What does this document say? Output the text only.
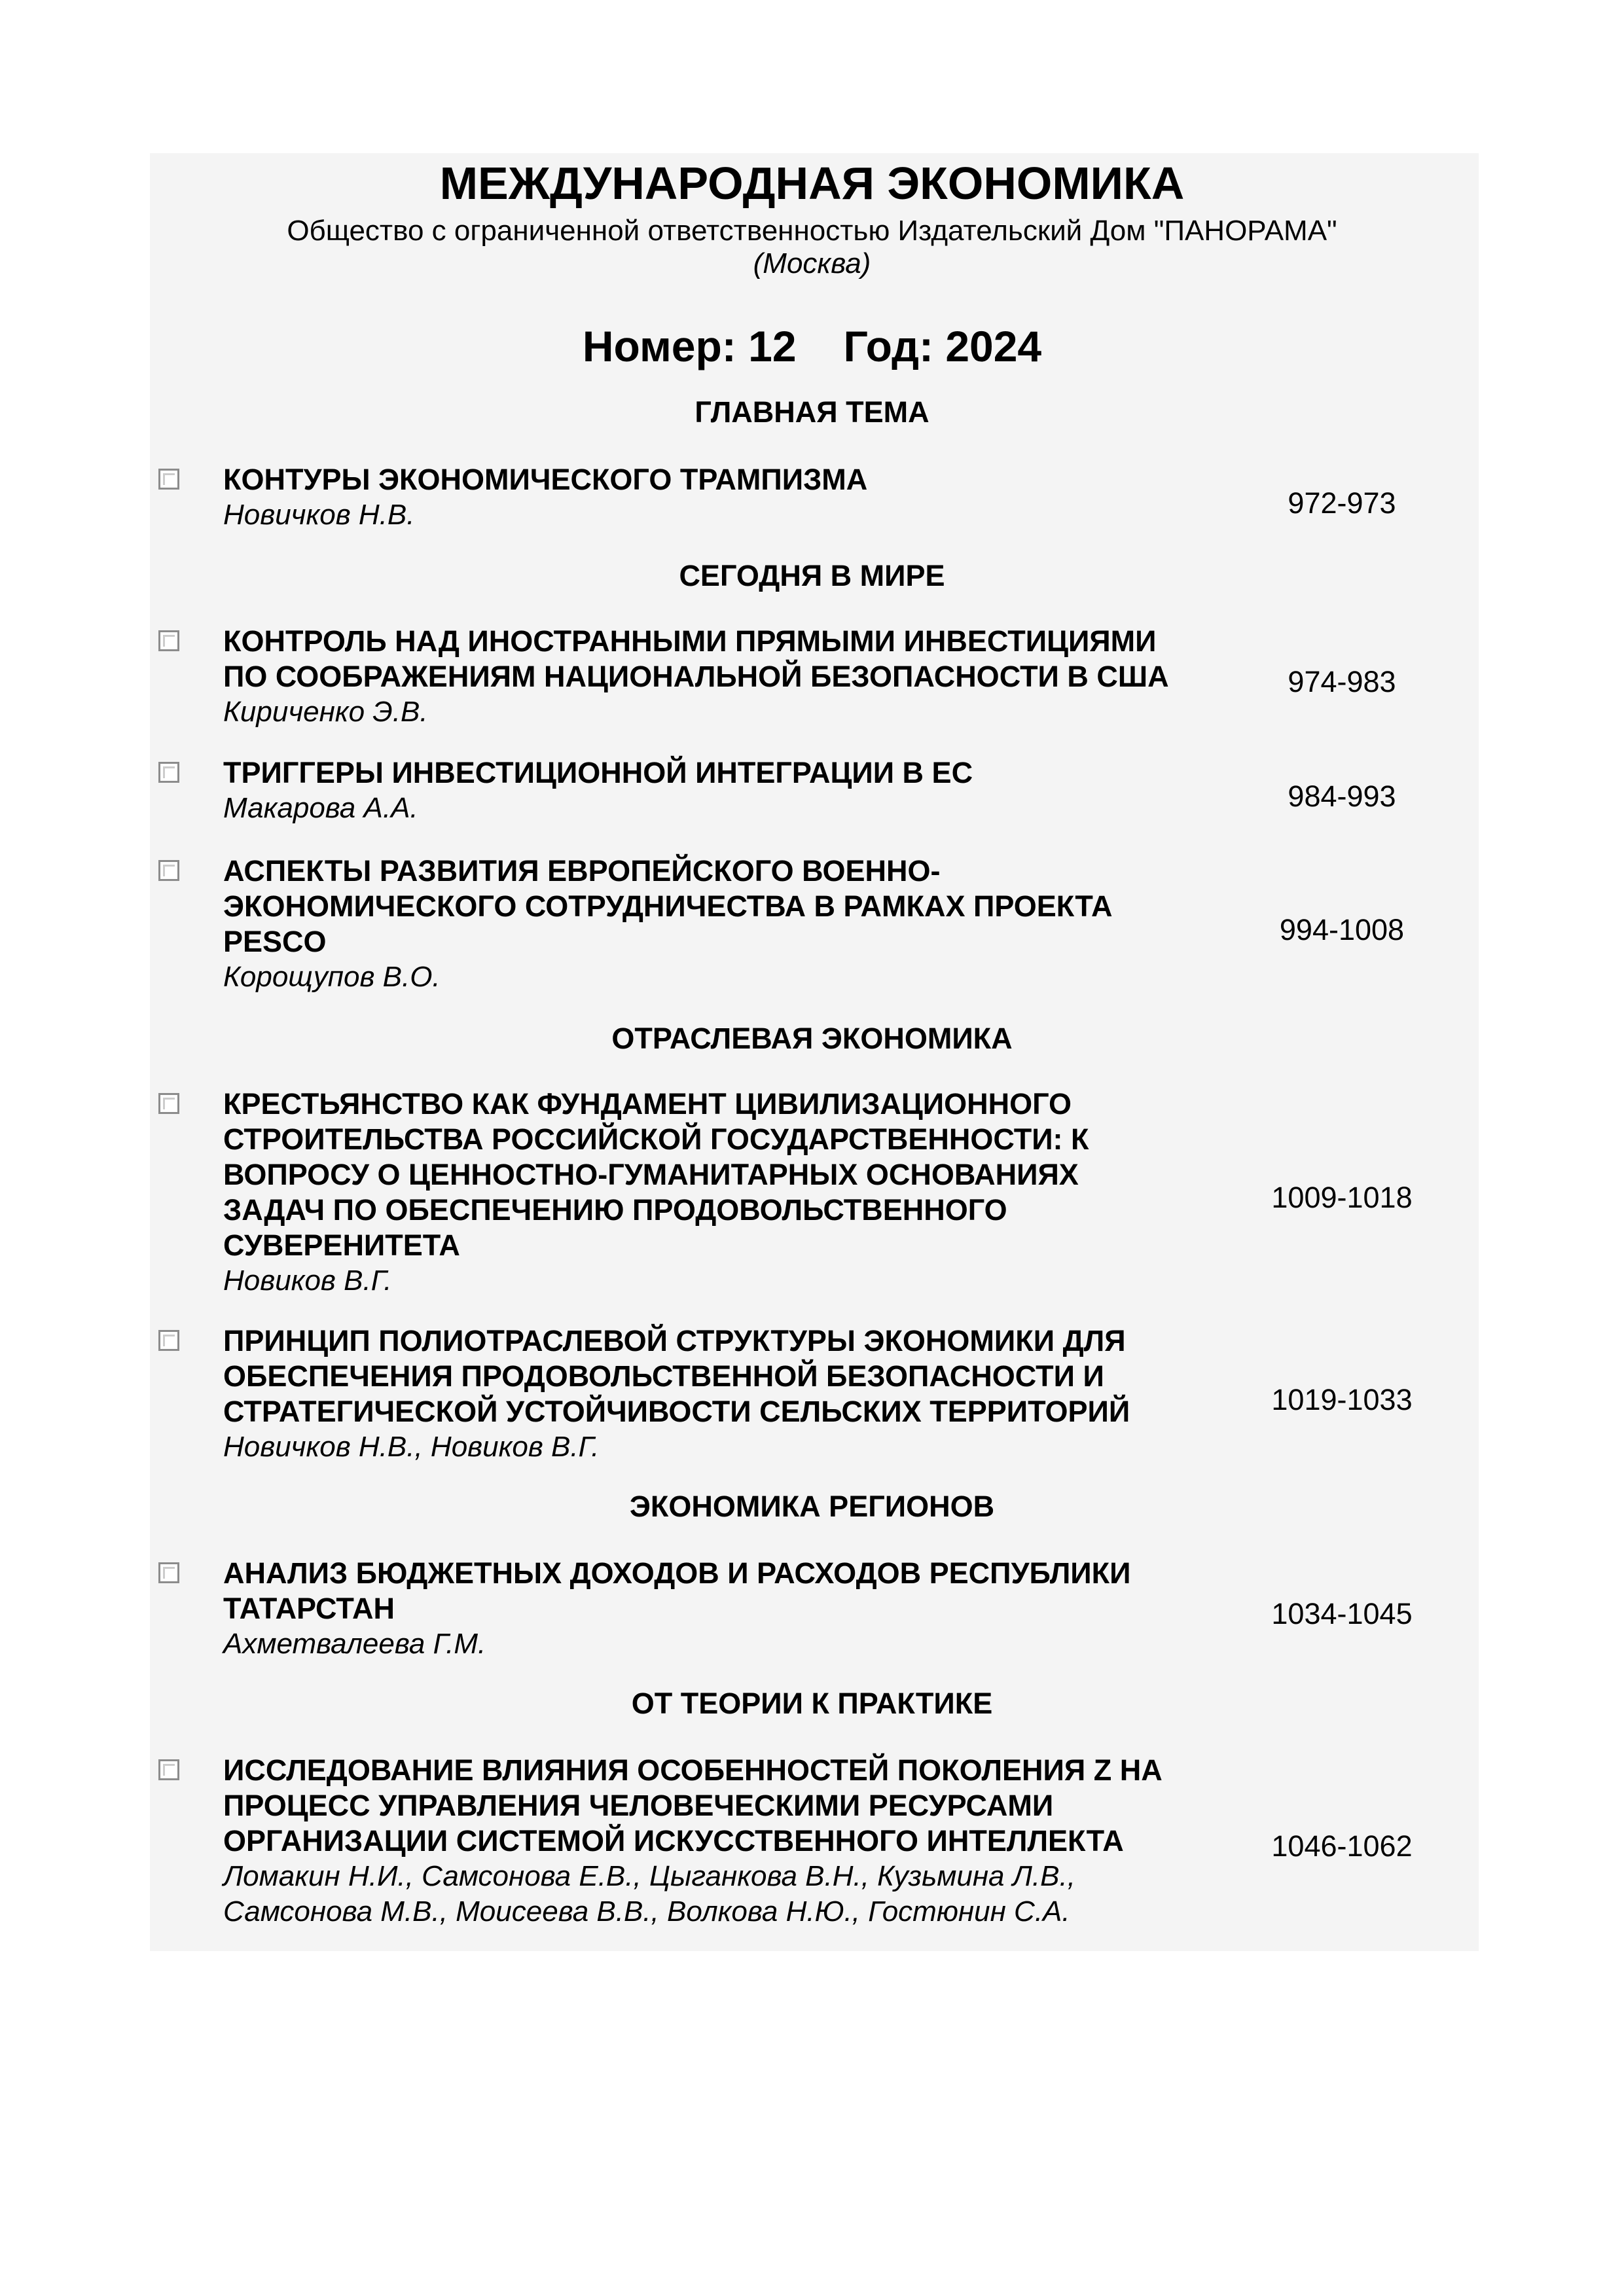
МЕЖДУНАРОДНАЯ ЭКОНОМИКА
Общество с ограниченной ответственностью Издательский Дом "ПАНОРАМА"
(Москва)
Номер: 12 Год: 2024
ГЛАВНАЯ ТЕМА
КОНТУРЫ ЭКОНОМИЧЕСКОГО ТРАМПИЗМА
Новичков Н.В.	972-973
СЕГОДНЯ В МИРЕ
КОНТРОЛЬ НАД ИНОСТРАННЫМИ ПРЯМЫМИ ИНВЕСТИЦИЯМИ
ПО СООБРАЖЕНИЯМ НАЦИОНАЛЬНОЙ БЕЗОПАСНОСТИ В США
Кириченко Э.В.
974-983
ТРИГГЕРЫ ИНВЕСТИЦИОННОЙ ИНТЕГРАЦИИ В ЕС
Макарова А.А.	984-993
АСПЕКТЫ РАЗВИТИЯ ЕВРОПЕЙСКОГО ВОЕННО-
ЭКОНОМИЧЕСКОГО СОТРУДНИЧЕСТВА В РАМКАХ ПРОЕКТА
PESCO
Корощупов В.О.
994-1008
ОТРАСЛЕВАЯ ЭКОНОМИКА
КРЕСТЬЯНСТВО КАК ФУНДАМЕНТ ЦИВИЛИЗАЦИОННОГО
СТРОИТЕЛЬСТВА РОССИЙСКОЙ ГОСУДАРСТВЕННОСТИ: К
ВОПРОСУ О ЦЕННОСТНО-ГУМАНИТАРНЫХ ОСНОВАНИЯХ
ЗАДАЧ ПО ОБЕСПЕЧЕНИЮ ПРОДОВОЛЬСТВЕННОГО
СУВЕРЕНИТЕТА
Новиков В.Г.
1009-1018
ПРИНЦИП ПОЛИОТРАСЛЕВОЙ СТРУКТУРЫ ЭКОНОМИКИ ДЛЯ
ОБЕСПЕЧЕНИЯ ПРОДОВОЛЬСТВЕННОЙ БЕЗОПАСНОСТИ И
СТРАТЕГИЧЕСКОЙ УСТОЙЧИВОСТИ СЕЛЬСКИХ ТЕРРИТОРИЙ
Новичков Н.В., Новиков В.Г.
1019-1033
ЭКОНОМИКА РЕГИОНОВ
АНАЛИЗ БЮДЖЕТНЫХ ДОХОДОВ И РАСХОДОВ РЕСПУБЛИКИ
ТАТАРСТАН
Ахметвалеева Г.М.
1034-1045
ОТ ТЕОРИИ К ПРАКТИКЕ
ИССЛЕДОВАНИЕ ВЛИЯНИЯ ОСОБЕННОСТЕЙ ПОКОЛЕНИЯ Z НА
ПРОЦЕСС УПРАВЛЕНИЯ ЧЕЛОВЕЧЕСКИМИ РЕСУРСАМИ
ОРГАНИЗАЦИИ СИСТЕМОЙ ИСКУССТВЕННОГО ИНТЕЛЛЕКТА
Ломакин Н.И., Самсонова Е.В., Цыганкова В.Н., Кузьмина Л.В.,
Самсонова М.В., Моисеева В.В., Волкова Н.Ю., Гостюнин С.А.
1046-1062
